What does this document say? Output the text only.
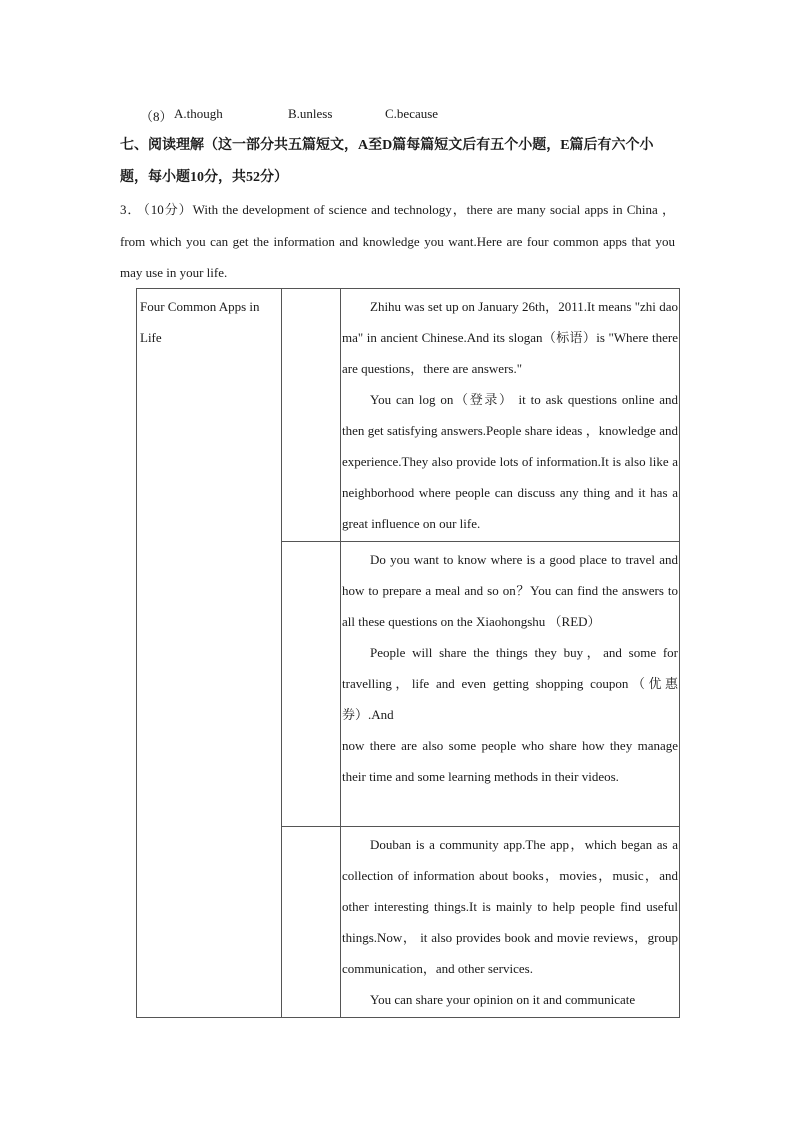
（8） A.though	B.unless	C.because
七、阅读理解（这一部分共五篇短文，A至D篇每篇短文后有五个小题，E篇后有六个小题，每小题10分，共52分）
3． （10分）With the development of science and technology，there are many social apps in China ， from which you can get the information and knowledge you want.Here are four common apps that you may use in your life.
Four Common Apps in Life		Zhihu was set up on January 26th，2011.It means "zhi dao ma" in ancient Chinese.And its slogan（标语）is "Where there are questions，there are answers."

You can log on（登录） it to ask questions online and then get satisfying answers.People share ideas ，knowledge and experience.They also provide lots of information.It is also like a neighborhood where people can discuss any thing and it has a great influence on our life.

		Do you want to know where is a good place to travel and how to prepare a meal and so on？You can find the answers to all these questions on the Xiaohongshu （RED）

People will share the things they buy，and some for travelling，life and even getting shopping coupon（优惠券）.And

now there are also some people who share how they manage their time and some learning methods in their videos.

		Douban is a community app.The app，which began as a collection of information about books，movies，music，and other interesting things.It is mainly to help people find useful things.Now， it also provides book and movie reviews，group communication，and other services.

You can share your opinion on it and communicate
